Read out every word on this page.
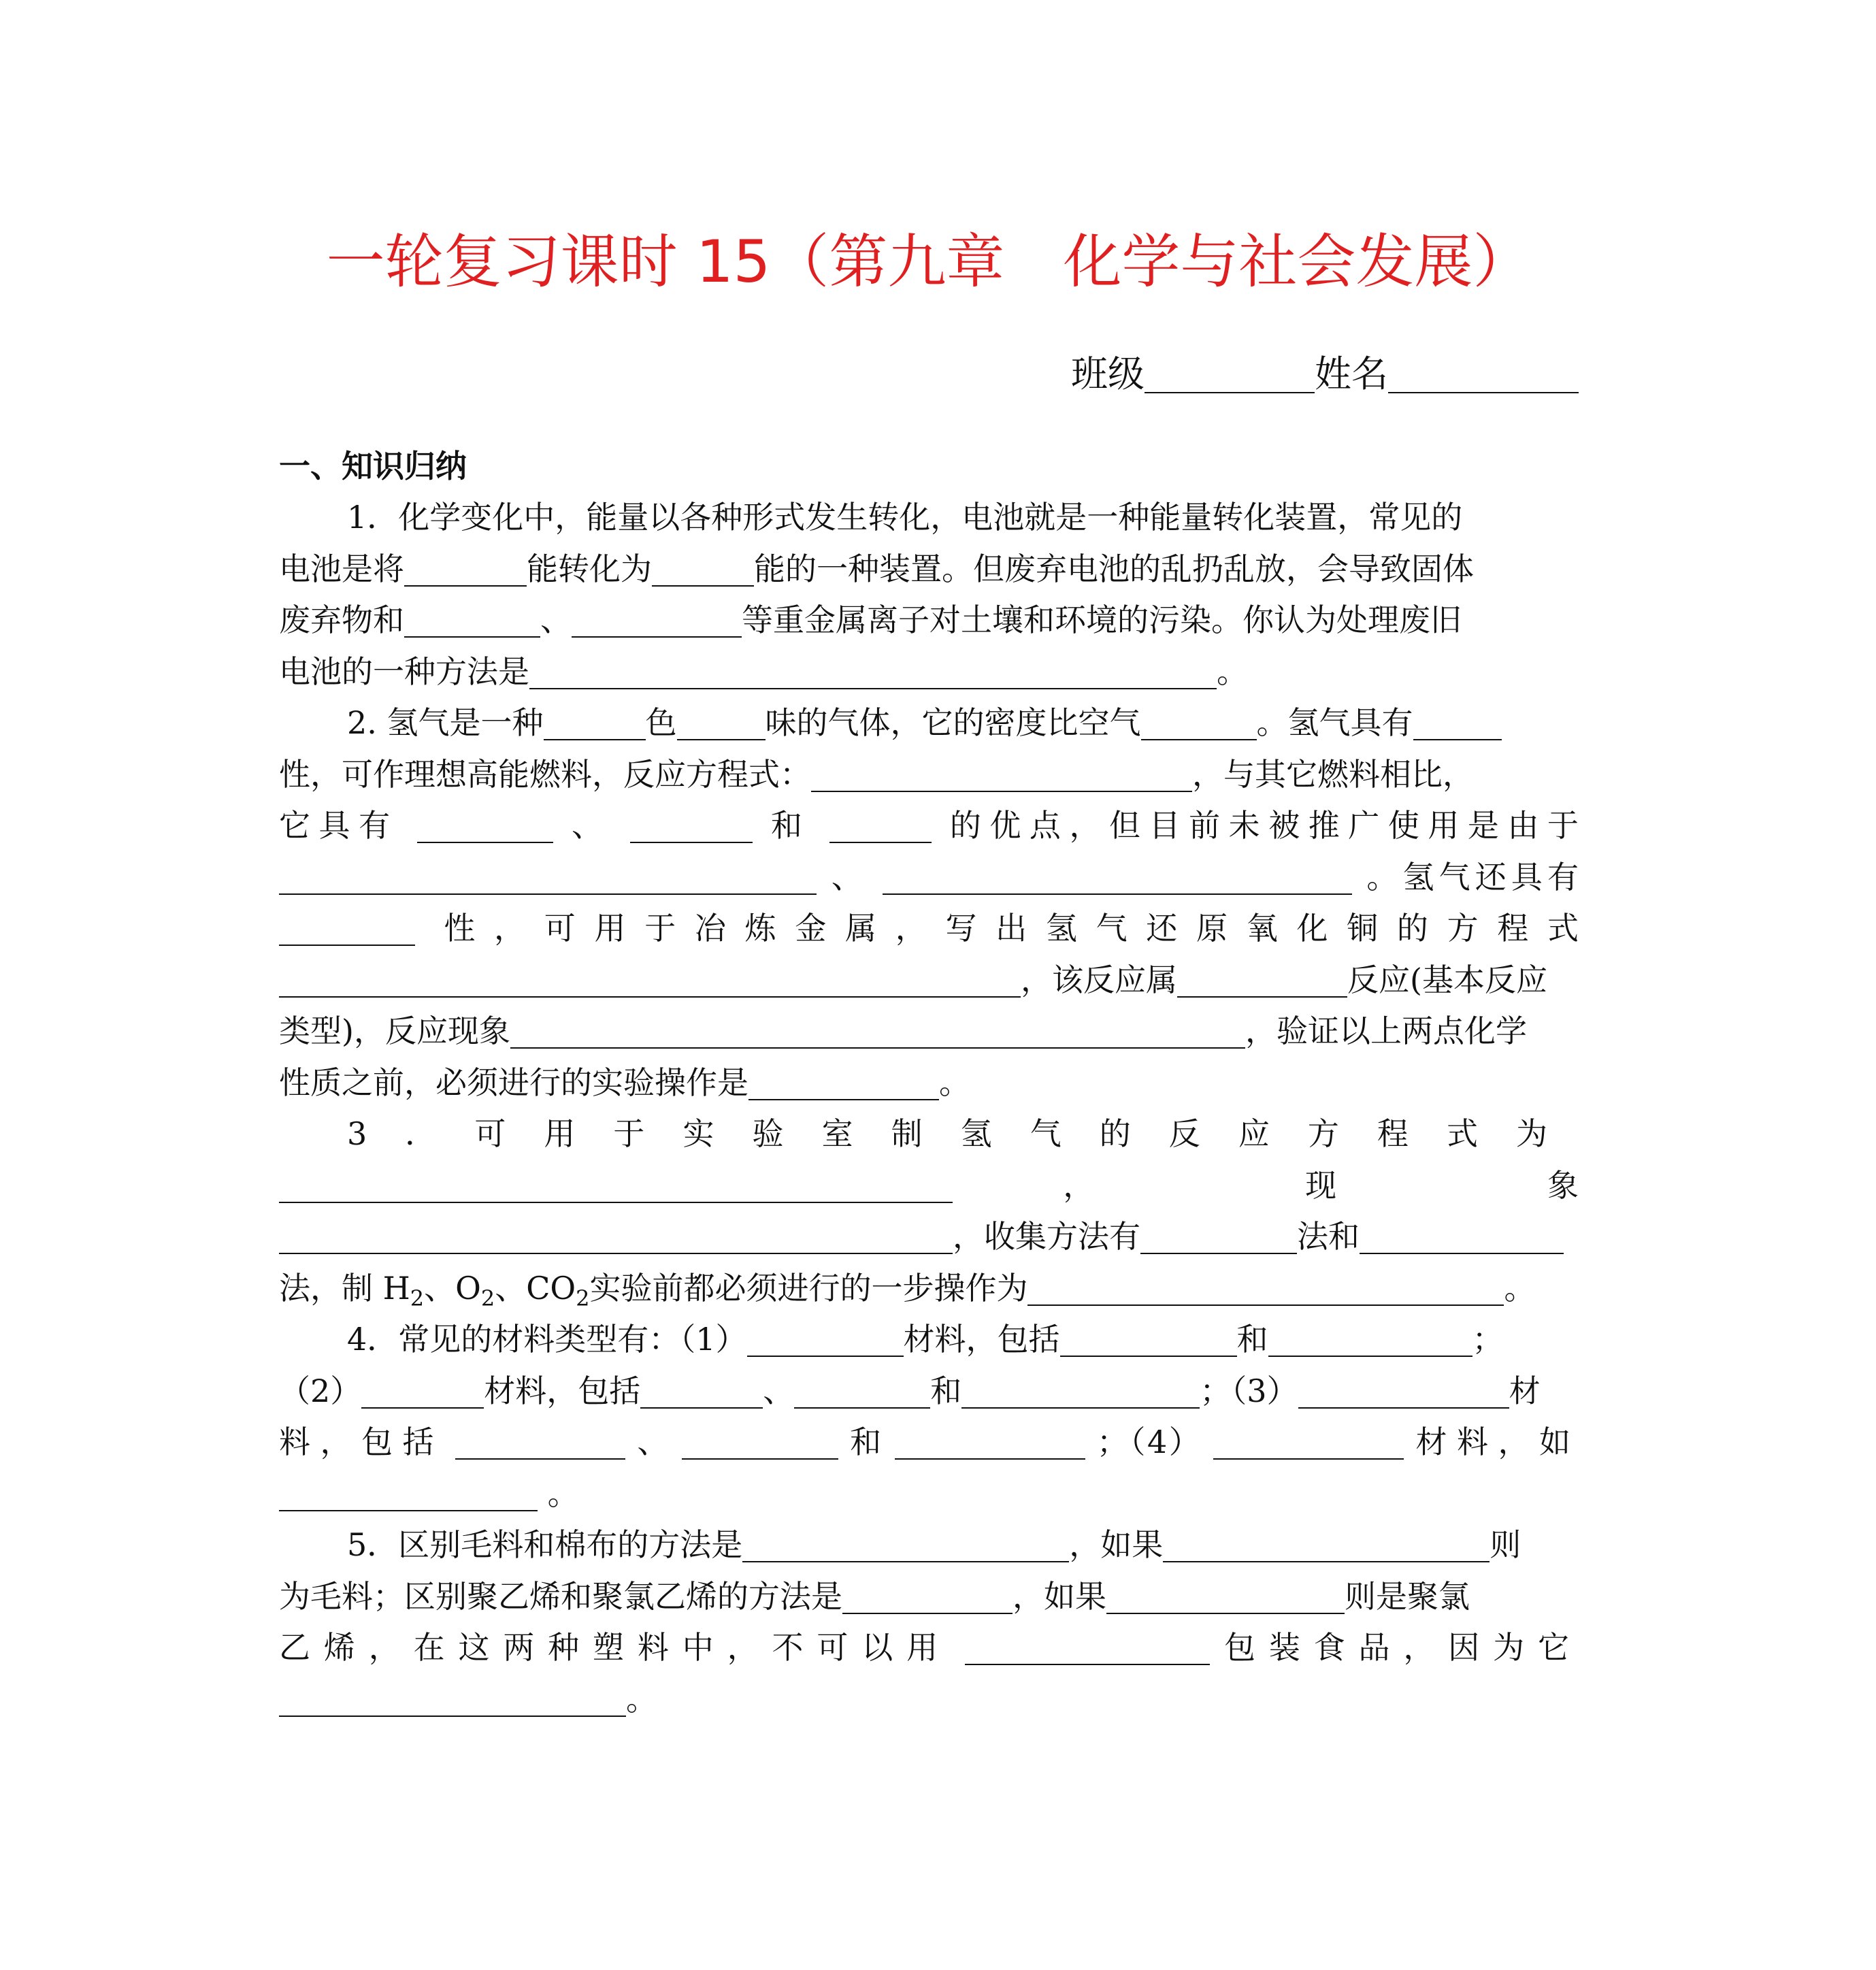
一轮复习课时 15（第九章　化学与社会发展）
班级	姓名
一、知识归纳
1．化学变化中，能量以各种形式发生转化，电池就是一种能量转化装置，常见的
电池是将	能转化为	能的一种装置。但废弃电池的乱扔乱放，会导致固体
废弃物和	、	等重金属离子对土壤和环境的污染。你认为处理废旧
电池的一种方法是	。
2. 氢气是一种	色	味的气体，它的密度比空气	。氢气具有
性，可作理想高能燃料，反应方程式：	，与其它燃料相比，
它具有	、	和	的优点，但目前未被推广使用是由于
、	。氢气还具有
性，可用于冶炼金属，写出氢气还原氧化铜的方程式
，该反应属	反应(基本反应
类型)，反应现象	，验证以上两点化学
性质之前，必须进行的实验操作是	。
3．可用于实验室制氢气的反应方程式为
，	现	象
，收集方法有	法和
法，制 $H_2$、$O_2$、$CO_2$实验前都必须进行的一步操作为	。
4．常见的材料类型有：（1）	材料，包括	和	；
（2）	材料，包括	、	和	；（3）	材
料，包括	、	和	；（4）	材料，如
。
5．区别毛料和棉布的方法是	，如果	则
为毛料；区别聚乙烯和聚氯乙烯的方法是	，如果	则是聚氯
乙烯，在这两种塑料中，不可以用	包装食品，因为它
。
